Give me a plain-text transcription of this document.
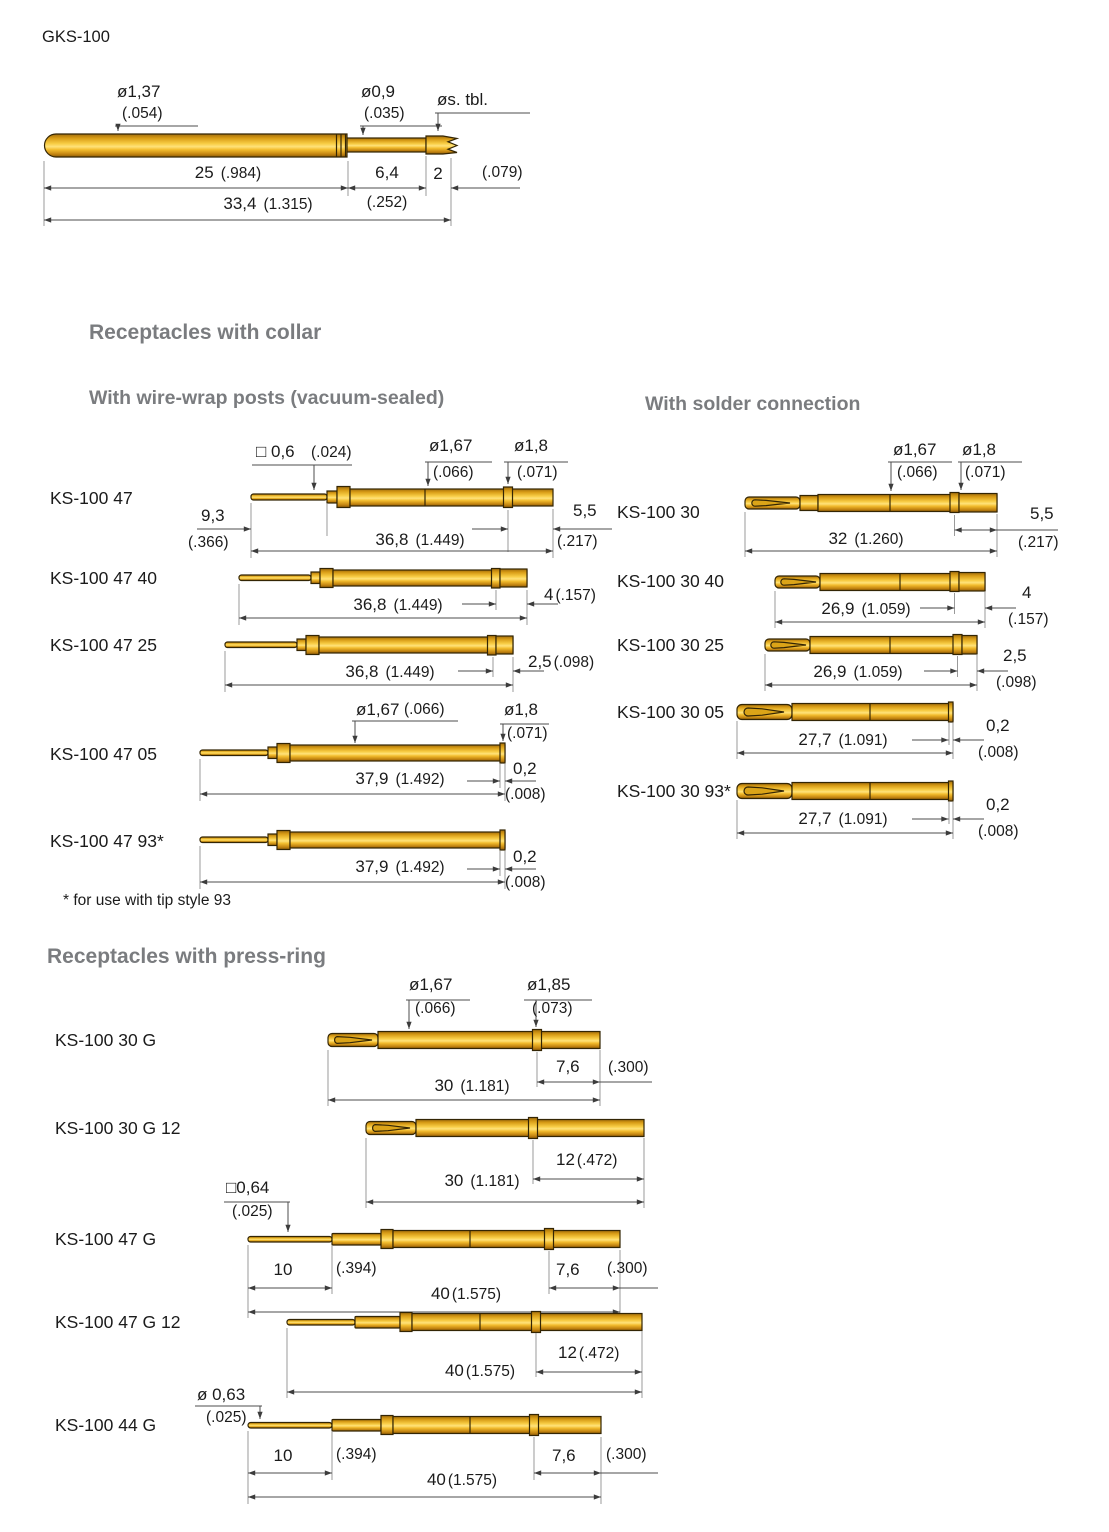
GKS-100
ø1,37
(.054)
ø0,9
(.035)
øs. tbl.
25 (.984)	6,4
(.252)
2	(.079)
33,4 (1.315)
Receptacles with collar
With wire-wrap posts (vacuum-sealed)	With solder connection
* for use with tip style 93
Receptacles with press-ring
KS-100 47
□ 0,6 (.024)	ø1,67
(.066)
ø1,8
(.071)
9,3
(.366)	36,8 (1.449)
5,5
(.217)
KS-100 47 40
36,8 (1.449)
4 (.157)
KS-100 47 25
36,8 (1.449)
2,5 (.098)
KS-100 47 05
ø1,67 (.066)	ø1,8
(.071)
37,9 (1.492)
0,2
(.008)
KS-100 47 93*
37,9 (1.492)
0,2
(.008)
KS-100 30
ø1,67
(.066)
ø1,8
(.071)
32 (1.260)
5,5
(.217)
KS-100 30 40
26,9 (1.059)
4
(.157)
KS-100 30 25
26,9 (1.059)
2,5
(.098)
KS-100 30 05
27,7 (1.091)
0,2
(.008)
KS-100 30 93*
27,7 (1.091)
0,2
(.008)
KS-100 30 G
ø1,67
(.066)
ø1,85
(.073)
30 (1.181)
7,6 (.300)
KS-100 30 G 12
30 (1.181)
12 (.472)
KS-100 47 G
□0,64
(.025)
10	(.394)	7,6 (.300)
40 (1.575)
KS-100 47 G 12
12 (.472)
40 (1.575)
ø 0,63
(.025)
KS-100 44 G
10	(.394)	7,6 (.300)
40 (1.575)
